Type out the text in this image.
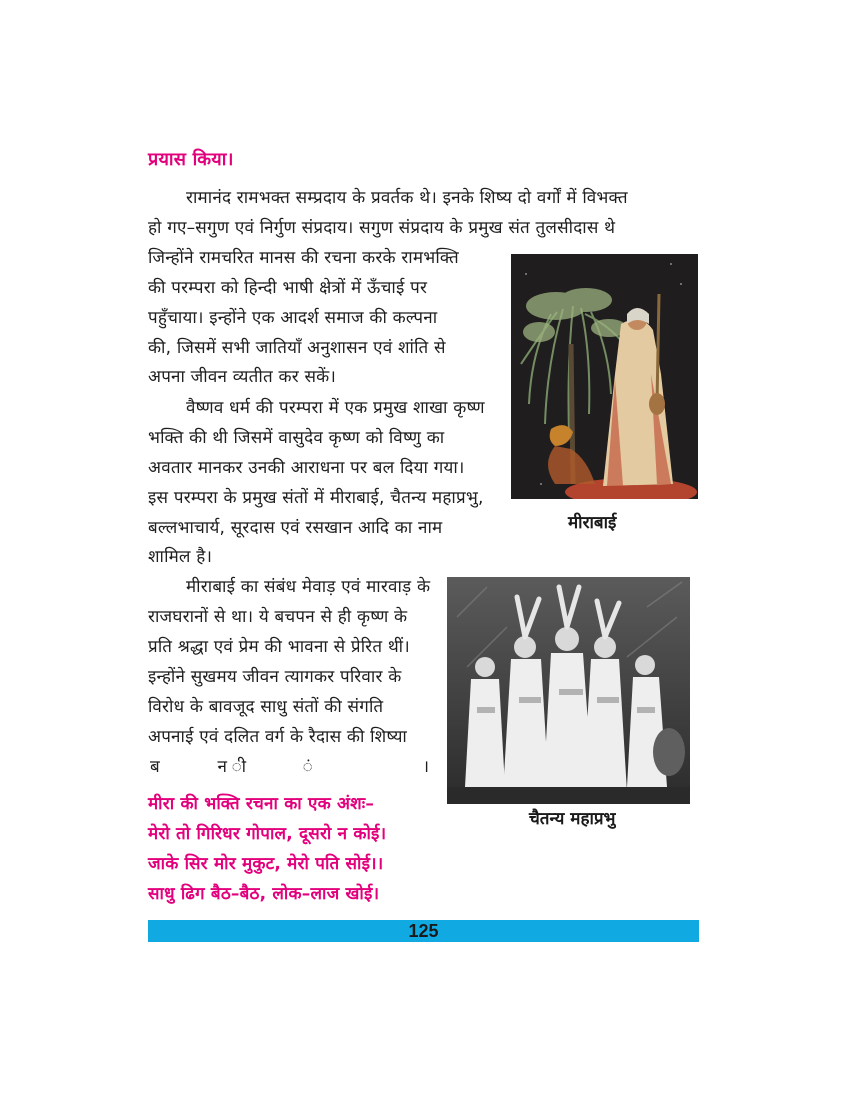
प्रयास किया।
रामानंद रामभक्त सम्प्रदाय के प्रवर्तक थे। इनके शिष्य दो वर्गों में विभक्त
हो गए–सगुण एवं निर्गुण संप्रदाय। सगुण संप्रदाय के प्रमुख संत तुलसीदास थे
जिन्होंने रामचरित मानस की रचना करके रामभक्ति
की परम्परा को हिन्दी भाषी क्षेत्रों में ऊँचाई पर
पहुँचाया। इन्होंने एक आदर्श समाज की कल्पना
की, जिसमें सभी जातियाँ अनुशासन एवं शांति से
अपना जीवन व्यतीत कर सकें।
वैष्णव धर्म की परम्परा में एक प्रमुख शाखा कृष्ण
भक्ति की थी जिसमें वासुदेव कृष्ण को विष्णु का
अवतार मानकर उनकी आराधना पर बल दिया गया।
इस परम्परा के प्रमुख संतों में मीराबाई, चैतन्य महाप्रभु,
बल्लभाचार्य, सूरदास एवं रसखान आदि का नाम
शामिल है।
मीराबाई
मीराबाई का संबंध मेवाड़ एवं मारवाड़ के
राजघरानों से था। ये बचपन से ही कृष्ण के
प्रति श्रद्धा एवं प्रेम की भावना से प्रेरित थीं।
इन्होंने सुखमय जीवन त्यागकर परिवार के
विरोध के बावजूद साधु संतों की संगति
अपनाई एवं दलित वर्ग के रैदास की शिष्या
ब न ी ं ।
चैतन्य महाप्रभु
मीरा की भक्ति रचना का एक अंशः–
मेरो तो गिरिधर गोपाल, दूसरो न कोई।
जाके सिर मोर मुकुट, मेरो पति सोई।।
साधु ढिग बैठ–बैठ, लोक–लाज खोई।
125
